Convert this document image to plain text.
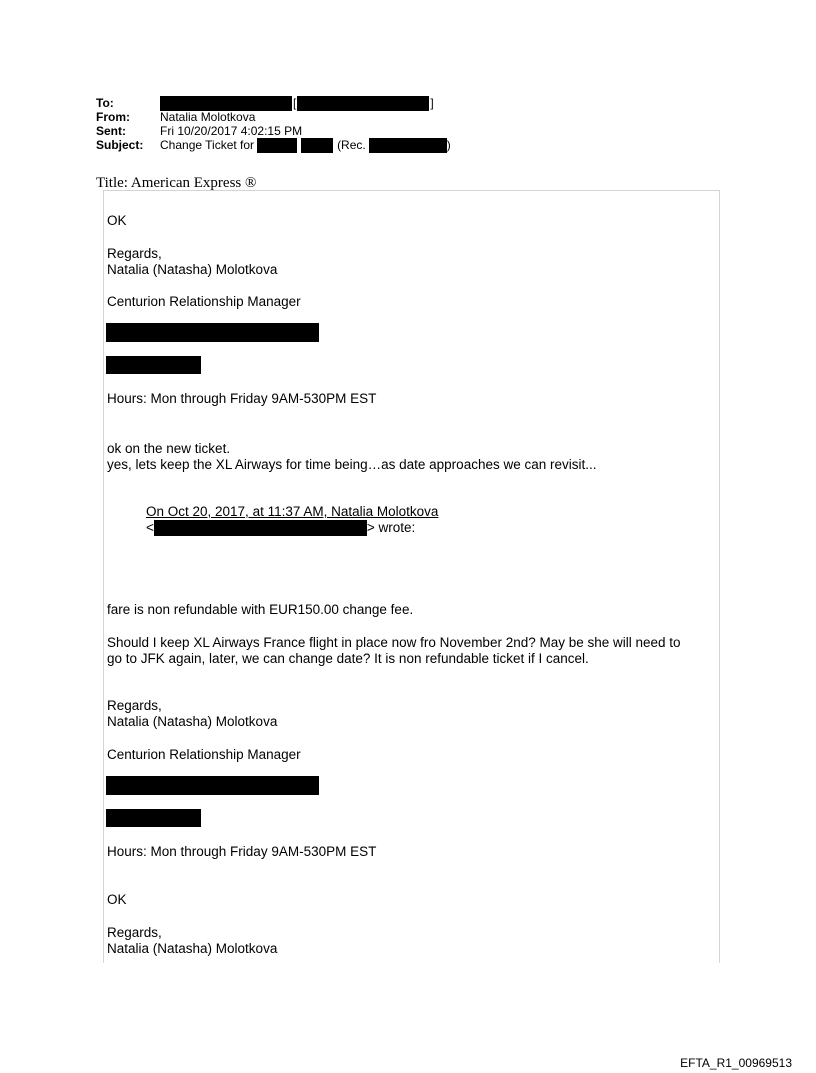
To:	[	]
From:	Natalia Molotkova
Sent:	Fri 10/20/2017 4:02:15 PM
Subject:	Change Ticket for	(Rec.	)
Title: American Express ®
OK
Regards,
Natalia (Natasha) Molotkova
Centurion Relationship Manager
Hours: Mon through Friday 9AM-530PM EST
ok on the new ticket.
yes, lets keep the XL Airways for time being…as date approaches we can revisit...
On Oct 20, 2017, at 11:37 AM, Natalia Molotkova
<	> wrote:
fare is non refundable with EUR150.00 change fee.
Should I keep XL Airways France flight in place now fro November 2nd? May be she will need to
go to JFK again, later, we can change date? It is non refundable ticket if I cancel.
Regards,
Natalia (Natasha) Molotkova
Centurion Relationship Manager
Hours: Mon through Friday 9AM-530PM EST
OK
Regards,
Natalia (Natasha) Molotkova
EFTA_R1_00969513
